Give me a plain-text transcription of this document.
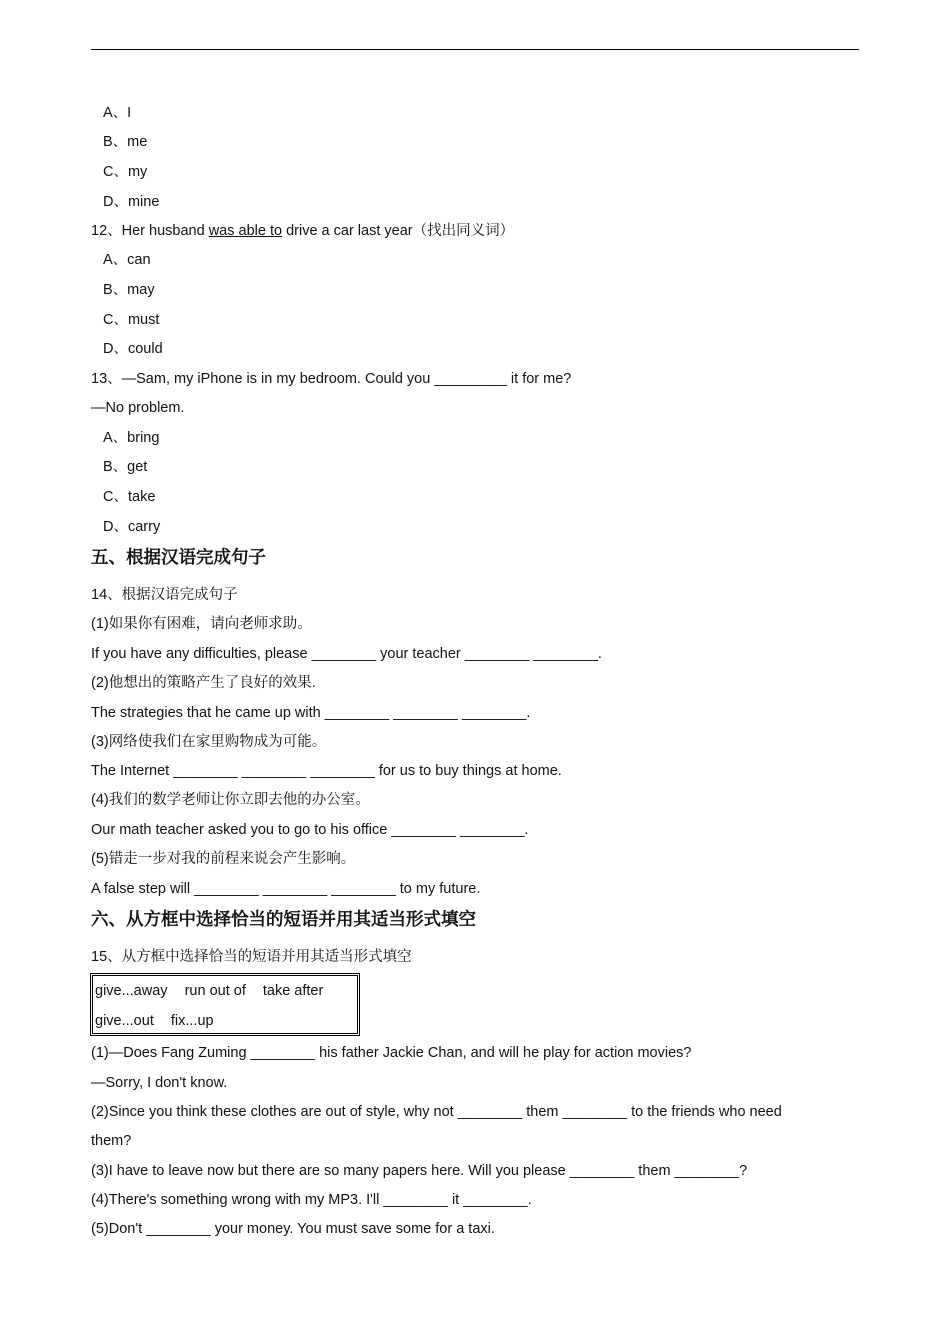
A、I
B、me
C、my
D、mine
12、Her husband was able to drive a car last year（找出同义词）
A、can
B、may
C、must
D、could
13、—Sam, my iPhone is in my bedroom. Could you _________ it for me?
—No problem.
A、bring
B、get
C、take
D、carry
五、根据汉语完成句子
14、根据汉语完成句子
(1)如果你有困难，请向老师求助。
If you have any difficulties, please ________ your teacher ________ ________.
(2)他想出的策略产生了良好的效果.
The strategies that he came up with ________ ________ ________.
(3)网络使我们在家里购物成为可能。
The Internet ________ ________ ________ for us to buy things at home.
(4)我们的数学老师让你立即去他的办公室。
Our math teacher asked you to go to his office ________ ________.
(5)错走一步对我的前程来说会产生影响。
A false step will ________ ________ ________ to my future.
六、从方框中选择恰当的短语并用其适当形式填空
15、从方框中选择恰当的短语并用其适当形式填空
give...away run out of take after
give...out fix...up
(1)—Does Fang Zuming ________ his father Jackie Chan, and will he play for action movies?
—Sorry, I don't know.
(2)Since you think these clothes are out of style, why not ________ them ________ to the friends who need
them?
(3)I have to leave now but there are so many papers here. Will you please ________ them ________?
(4)There's something wrong with my MP3. I'll ________ it ________.
(5)Don't ________ your money. You must save some for a taxi.
